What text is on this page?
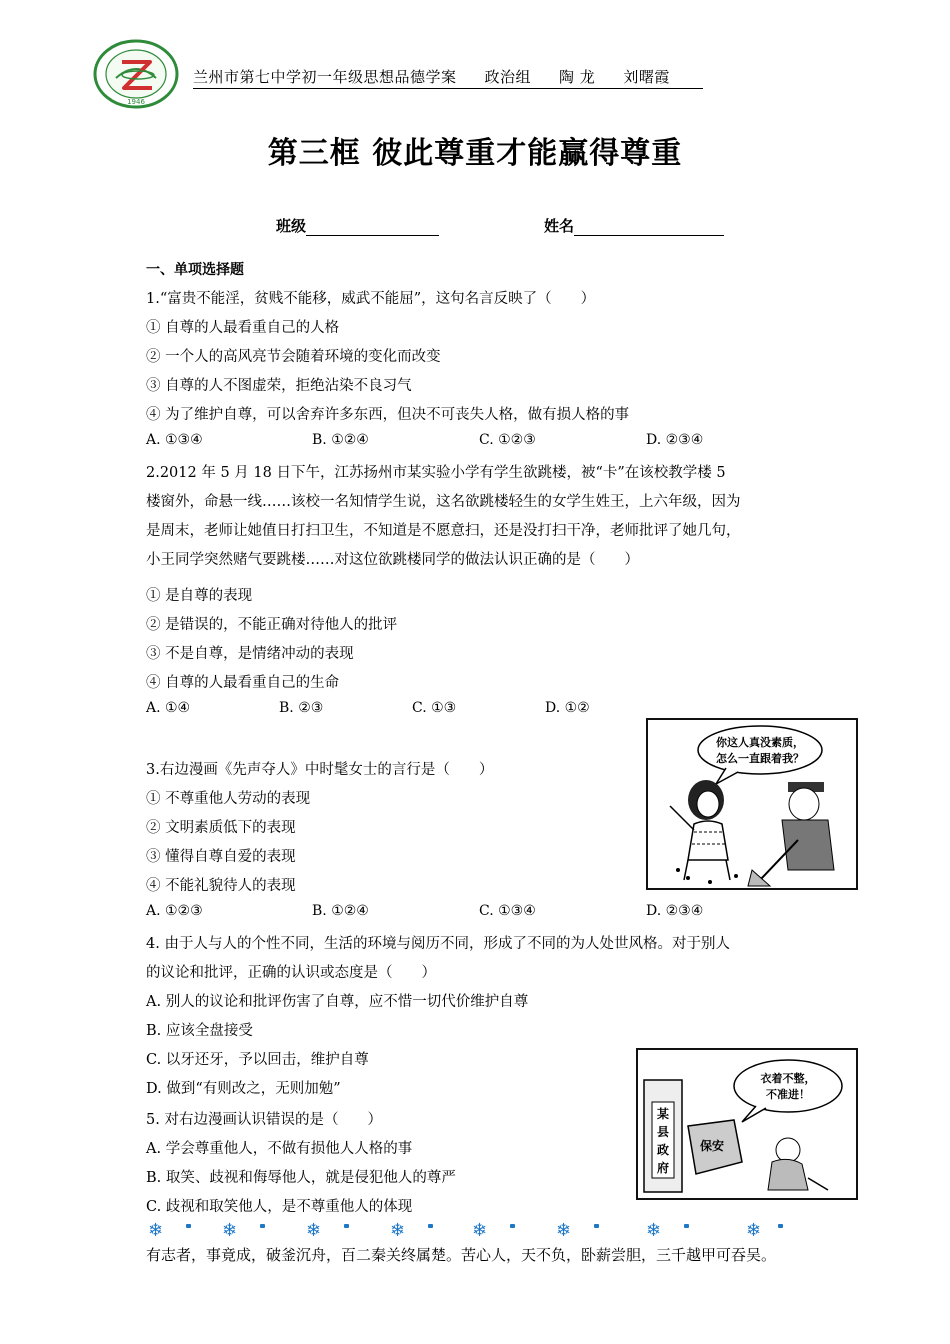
1946
兰州市第七中学初一年级思想品德学案 政治组 陶 龙 刘曙霞
第三框 彼此尊重才能赢得尊重
班级	姓名
一、单项选择题
1.“富贵不能淫，贫贱不能移，威武不能屈”，这句名言反映了（　　）
① 自尊的人最看重自己的人格
② 一个人的高风亮节会随着环境的变化而改变
③ 自尊的人不图虚荣，拒绝沾染不良习气
④ 为了维护自尊，可以舍弃许多东西，但决不可丧失人格，做有损人格的事
A. ①③④	B. ①②④	C. ①②③	D. ②③④
2.2012 年 5 月 18 日下午，江苏扬州市某实验小学有学生欲跳楼，被“卡”在该校教学楼 5
楼窗外，命悬一线……该校一名知情学生说，这名欲跳楼轻生的女学生姓王，上六年级，因为
是周末，老师让她值日打扫卫生，不知道是不愿意扫，还是没打扫干净，老师批评了她几句，
小王同学突然赌气要跳楼……对这位欲跳楼同学的做法认识正确的是（　　）
① 是自尊的表现
② 是错误的，不能正确对待他人的批评
③ 不是自尊，是情绪冲动的表现
④ 自尊的人最看重自己的生命
A. ①④	B. ②③	C. ①③	D. ①②
你这人真没素质，
怎么一直跟着我？
3.右边漫画《先声夺人》中时髦女士的言行是（　　）
① 不尊重他人劳动的表现
② 文明素质低下的表现
③ 懂得自尊自爱的表现
④ 不能礼貌待人的表现
A. ①②③	B. ①②④	C. ①③④	D. ②③④
4. 由于人与人的个性不同，生活的环境与阅历不同，形成了不同的为人处世风格。对于别人
的议论和批评，正确的认识或态度是（　　）
A. 别人的议论和批评伤害了自尊，应不惜一切代价维护自尊
B. 应该全盘接受
C. 以牙还牙，予以回击，维护自尊
D. 做到“有则改之，无则加勉”
衣着不整，
不准进！
某
县
政
府
保安
5. 对右边漫画认识错误的是（　　）
A. 学会尊重他人，不做有损他人人格的事
B. 取笑、歧视和侮辱他人，就是侵犯他人的尊严
C. 歧视和取笑他人，是不尊重他人的体现
❄	❄	❄	❄	❄	❄	❄	❄
有志者，事竟成，破釜沉舟，百二秦关终属楚。苦心人，天不负，卧薪尝胆，三千越甲可吞吴。
